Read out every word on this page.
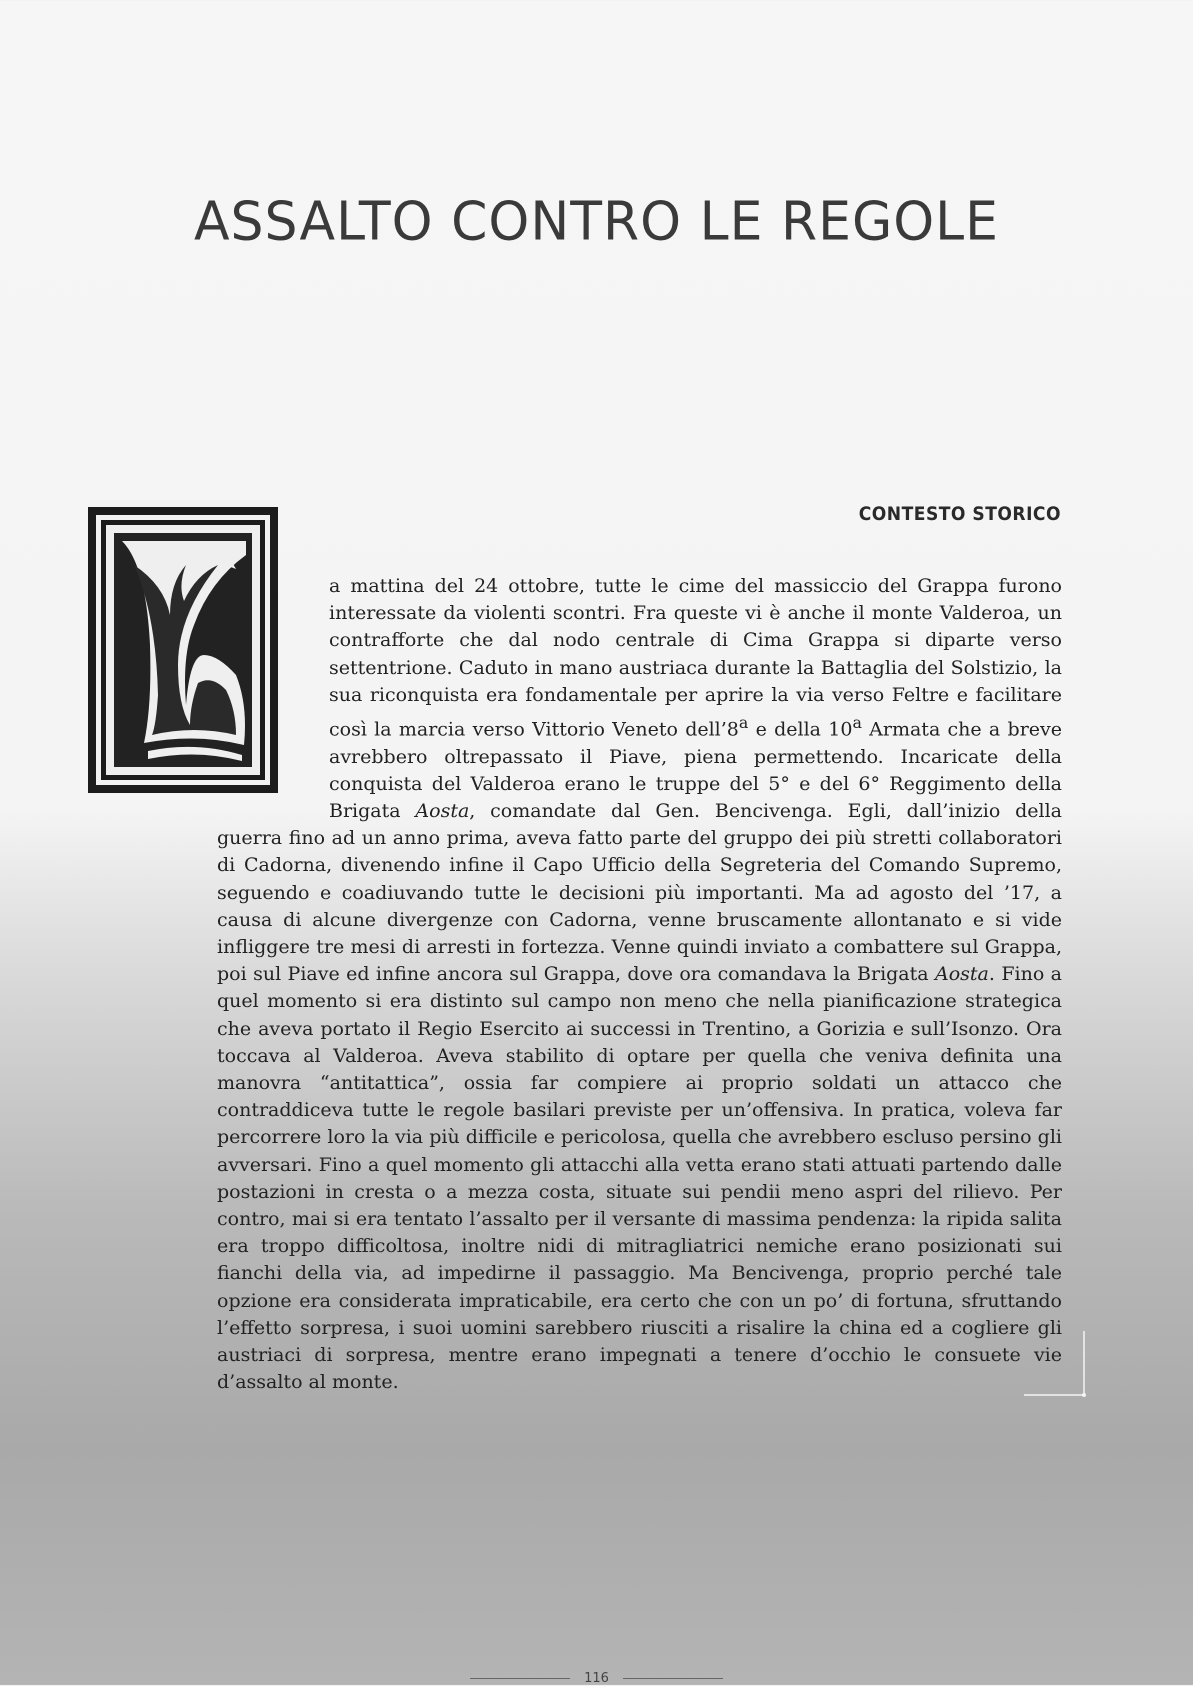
ASSALTO CONTRO LE REGOLE
CONTESTO STORICO
a mattina del 24 ottobre, tutte le cime del massiccio del Grappa furono interessate da violenti scontri. Fra queste vi è anche il monte Valderoa, un contrafforte che dal nodo centrale di Cima Grappa si diparte verso settentrione. Caduto in mano austriaca durante la Battaglia del Solstizio, la sua riconquista era fondamentale per aprire la via verso Feltre e facilitare così la marcia verso Vittorio Veneto dell’8$^a$ e della 10$^a$ Armata che a breve avrebbero oltrepassato il Piave, piena permettendo. Incaricate della conquista del Valderoa erano le truppe del 5° e del 6° Reggimento della Brigata Aosta, comandate dal Gen. Bencivenga. Egli, dall’inizio della guerra fino ad un anno prima, aveva fatto parte del gruppo dei più stretti collaboratori di Cadorna, divenendo infine il Capo Ufficio della Segreteria del Comando Supremo, seguendo e coadiuvando tutte le decisioni più importanti. Ma ad agosto del ’17, a causa di alcune divergenze con Cadorna, venne bruscamente allontanato e si vide infliggere tre mesi di arresti in fortezza. Venne quindi inviato a combattere sul Grappa, poi sul Piave ed infine ancora sul Grappa, dove ora comandava la Brigata Aosta. Fino a quel momento si era distinto sul campo non meno che nella pianificazione strategica che aveva portato il Regio Esercito ai successi in Trentino, a Gorizia e sull’Isonzo. Ora toccava al Valderoa. Aveva stabilito di optare per quella che veniva definita una manovra “antitattica”, ossia far compiere ai proprio soldati un attacco che contraddiceva tutte le regole basilari previste per un’offensiva. In pratica, voleva far percorrere loro la via più difficile e pericolosa, quella che avrebbero escluso persino gli avversari. Fino a quel momento gli attacchi alla vetta erano stati attuati partendo dalle postazioni in cresta o a mezza costa, situate sui pendii meno aspri del rilievo. Per contro, mai si era tentato l’assalto per il versante di massima pendenza: la ripida salita era troppo difficoltosa, inoltre nidi di mitragliatrici nemiche erano posizionati sui fianchi della via, ad impedirne il passaggio. Ma Bencivenga, proprio perché tale opzione era considerata impraticabile, era certo che con un po’ di fortuna, sfruttando l’effetto sorpresa, i suoi uomini sarebbero riusciti a risalire la china ed a cogliere gli austriaci di sorpresa, mentre erano impegnati a tenere d’occhio le consuete vie d’assalto al monte.
116
